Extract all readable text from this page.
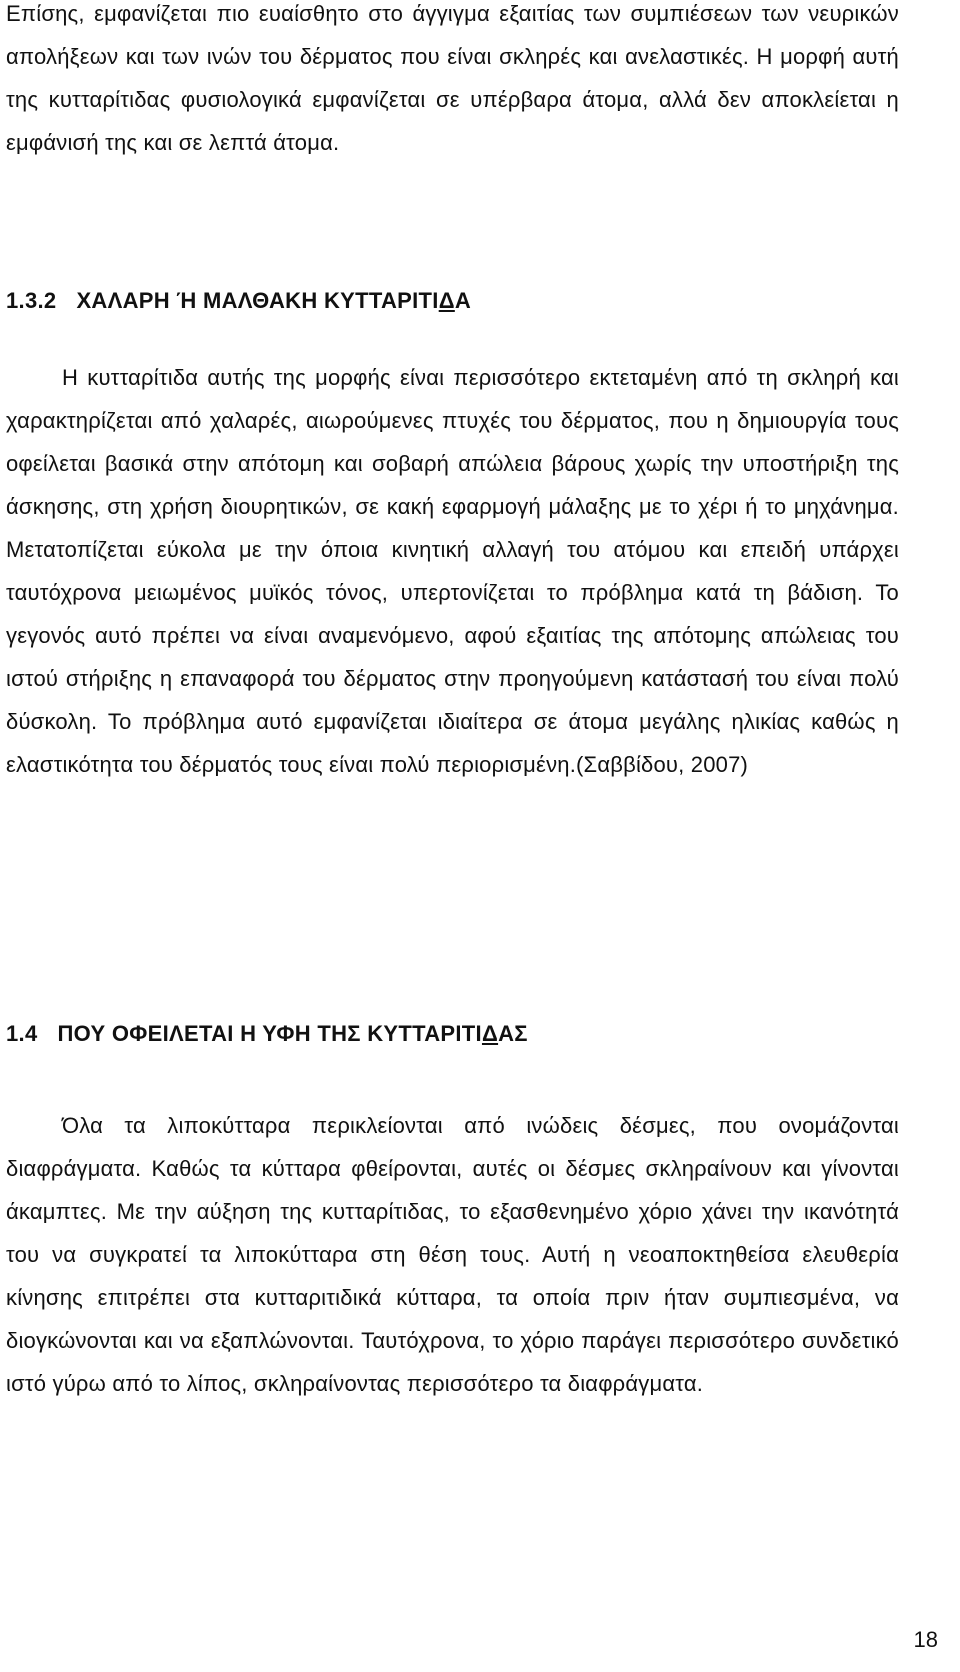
Επίσης, εμφανίζεται πιο ευαίσθητο στο άγγιγμα εξαιτίας των συμπιέσεων των νευρικών απολήξεων και των ινών του δέρματος που είναι σκληρές και ανελαστικές. Η μορφή αυτή της κυτταρίτιδας φυσιολογικά εμφανίζεται σε υπέρβαρα άτομα, αλλά δεν αποκλείεται η εμφάνισή της και σε λεπτά άτομα.

1.3.2 ΧΑΛΑΡΗ Ή ΜΑΛΘΑΚΗ ΚΥΤΤΑΡΙΤΙΔΑ

Η κυτταρίτιδα αυτής της μορφής είναι περισσότερο εκτεταμένη από τη σκληρή και χαρακτηρίζεται από χαλαρές, αιωρούμενες πτυχές του δέρματος, που η δημιουργία τους οφείλεται βασικά στην απότομη και σοβαρή απώλεια βάρους χωρίς την υποστήριξη της άσκησης, στη χρήση διουρητικών, σε κακή εφαρμογή μάλαξης με το χέρι ή το μηχάνημα. Μετατοπίζεται εύκολα με την όποια κινητική αλλαγή του ατόμου και επειδή υπάρχει ταυτόχρονα μειωμένος μυϊκός τόνος, υπερτονίζεται το πρόβλημα κατά τη βάδιση. Το γεγονός αυτό πρέπει να είναι αναμενόμενο, αφού εξαιτίας της απότομης απώλειας του ιστού στήριξης η επαναφορά του δέρματος στην προηγούμενη κατάστασή του είναι πολύ δύσκολη. Το πρόβλημα αυτό εμφανίζεται ιδιαίτερα σε άτομα μεγάλης ηλικίας καθώς η ελαστικότητα του δέρματός τους είναι πολύ περιορισμένη.(Σαββίδου, 2007)

1.4 ΠΟΥ ΟΦΕΙΛΕΤΑΙ Η ΥΦΗ ΤΗΣ ΚΥΤΤΑΡΙΤΙΔΑΣ

Όλα τα λιποκύτταρα περικλείονται από ινώδεις δέσμες, που ονομάζονται διαφράγματα. Καθώς τα κύτταρα φθείρονται, αυτές οι δέσμες σκληραίνουν και γίνονται άκαμπτες. Με την αύξηση της κυτταρίτιδας, το εξασθενημένο χόριο χάνει την ικανότητά του να συγκρατεί τα λιποκύτταρα στη θέση τους. Αυτή η νεοαποκτηθείσα ελευθερία κίνησης επιτρέπει στα κυτταριτιδικά κύτταρα, τα οποία πριν ήταν συμπιεσμένα, να διογκώνονται και να εξαπλώνονται. Ταυτόχρονα, το χόριο παράγει περισσότερο συνδετικό ιστό γύρω από το λίπος, σκληραίνοντας περισσότερο τα διαφράγματα.

18
